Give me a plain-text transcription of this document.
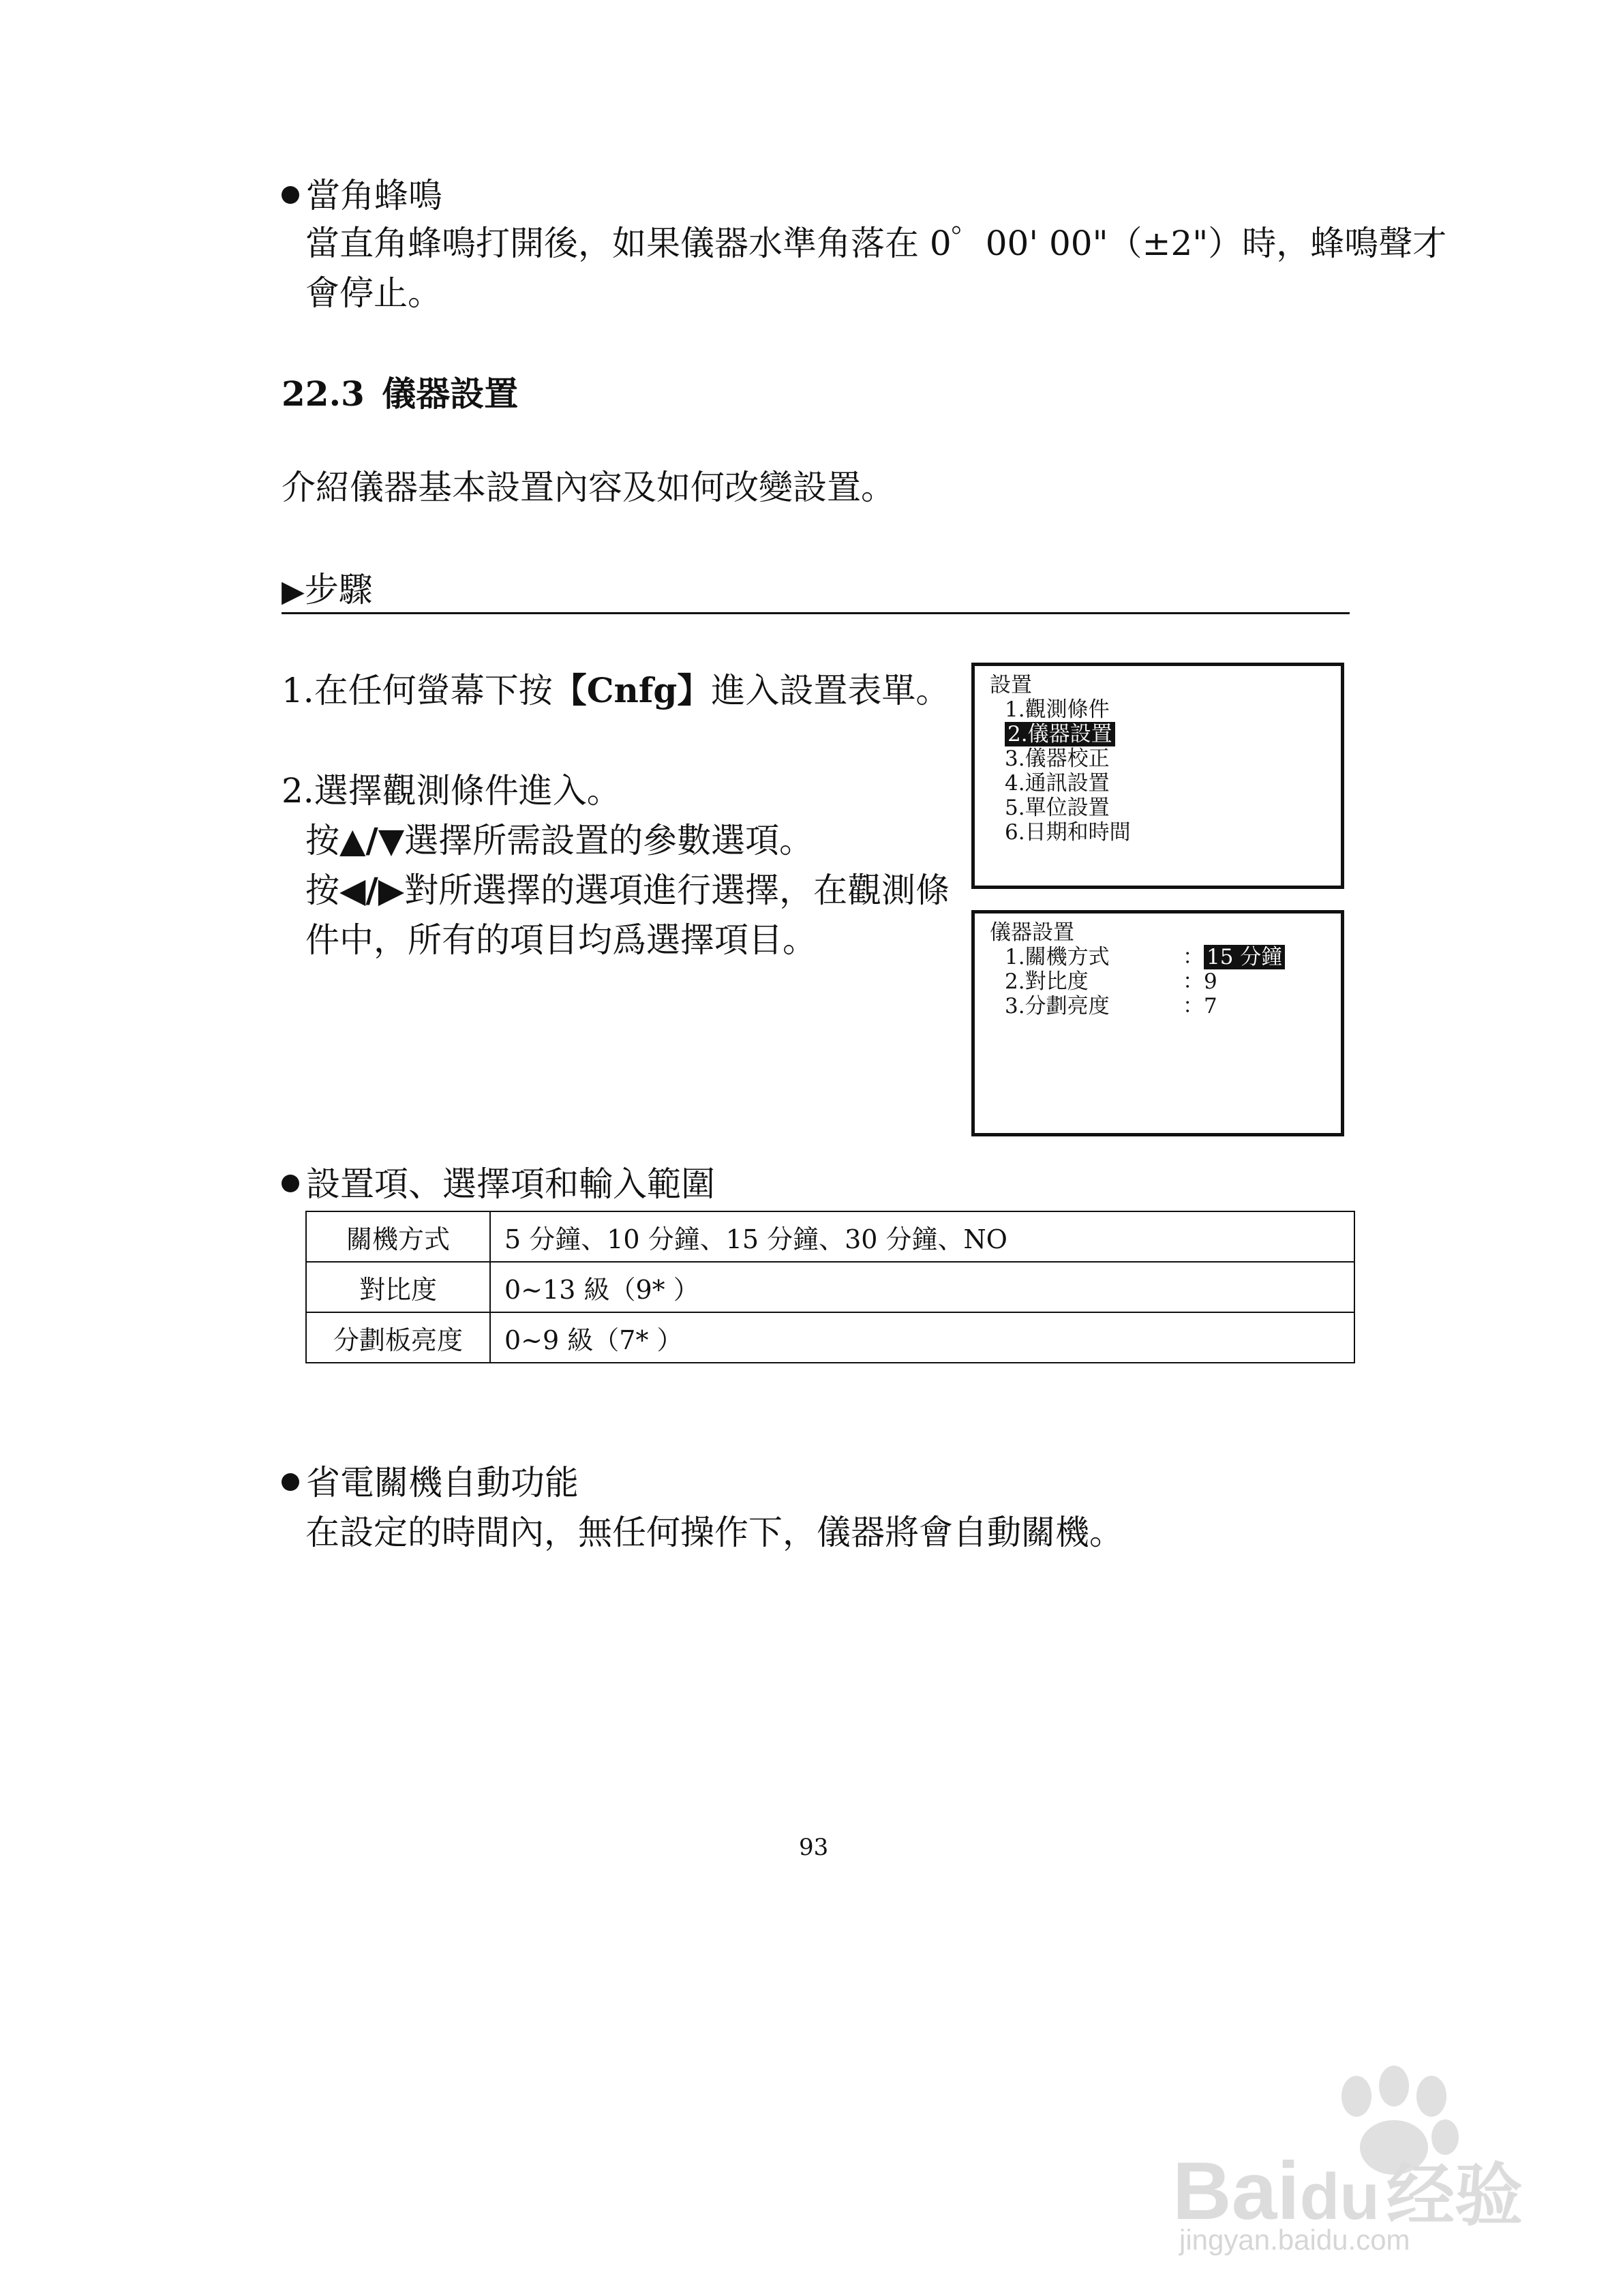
當角蜂鳴
當直角蜂鳴打開後，如果儀器水準角落在 0゜00' 00"（±2"）時，蜂鳴聲才
會停止。
22.3 儀器設置
介紹儀器基本設置內容及如何改變設置。
▶步驟
1.在任何螢幕下按【Cnfg】進入設置表單。
2.選擇觀測條件進入。
按▲/▼選擇所需設置的參數選項。
按◀/▶對所選擇的選項進行選擇，在觀測條
件中，所有的項目均爲選擇項目。
設置
1.觀測條件
2.儀器設置
3.儀器校正
4.通訊設置
5.單位設置
6.日期和時間
儀器設置
1.關機方式	： 15 分鐘
2.對比度	：9
3.分劃亮度	：7
設置項、選擇項和輸入範圍
關機方式	5 分鐘、10 分鐘、15 分鐘、30 分鐘、NO
對比度	0~13 級（9* ）
分劃板亮度	0~9 級（7* ）
省電關機自動功能
在設定的時間內，無任何操作下，儀器將會自動關機。
93
Baidu 经验
jingyan.baidu.com
